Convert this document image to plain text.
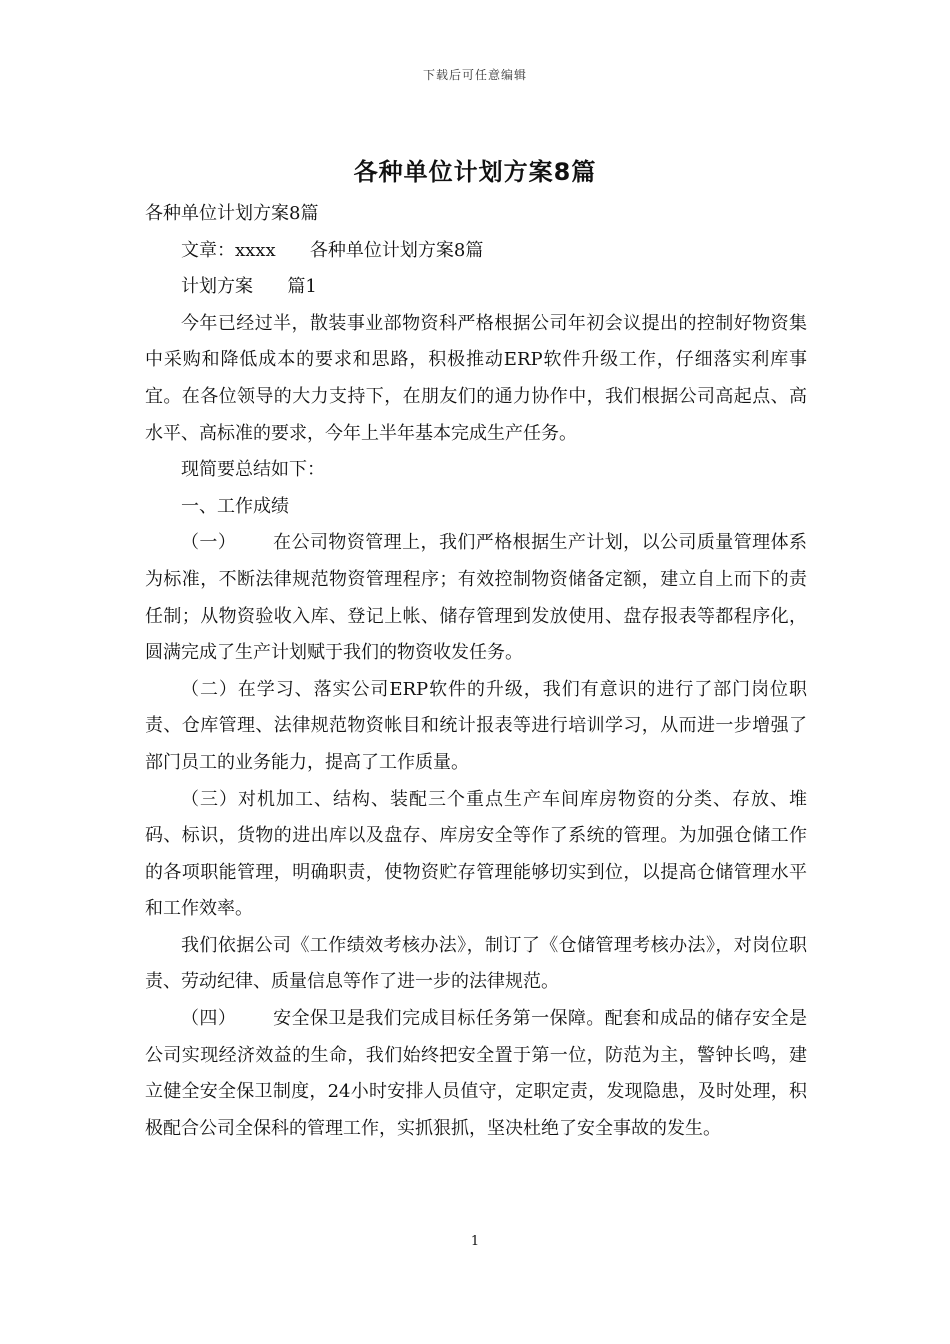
下载后可任意编辑
各种单位计划方案8篇

各种单位计划方案8篇

文章：xxxx      各种单位计划方案8篇

计划方案      篇1

今年已经过半，散装事业部物资科严格根据公司年初会议提出的控制好物资集中采购和降低成本的要求和思路，积极推动ERP软件升级工作，仔细落实利库事宜。在各位领导的大力支持下，在朋友们的通力协作中，我们根据公司高起点、高水平、高标准的要求，今年上半年基本完成生产任务。

现简要总结如下：

一、工作成绩

（一）      在公司物资管理上，我们严格根据生产计划，以公司质量管理体系为标准，不断法律规范物资管理程序；有效控制物资储备定额，建立自上而下的责任制；从物资验收入库、登记上帐、储存管理到发放使用、盘存报表等都程序化，圆满完成了生产计划赋于我们的物资收发任务。

（二）在学习、落实公司ERP软件的升级，我们有意识的进行了部门岗位职责、仓库管理、法律规范物资帐目和统计报表等进行培训学习，从而进一步增强了部门员工的业务能力，提高了工作质量。

（三）对机加工、结构、装配三个重点生产车间库房物资的分类、存放、堆码、标识，货物的进出库以及盘存、库房安全等作了系统的管理。为加强仓储工作的各项职能管理，明确职责，使物资贮存管理能够切实到位，以提高仓储管理水平和工作效率。

我们依据公司《工作绩效考核办法》，制订了《仓储管理考核办法》，对岗位职责、劳动纪律、质量信息等作了进一步的法律规范。

（四）      安全保卫是我们完成目标任务第一保障。配套和成品的储存安全是公司实现经济效益的生命，我们始终把安全置于第一位，防范为主，警钟长鸣，建立健全安全保卫制度，24小时安排人员值守，定职定责，发现隐患，及时处理，积极配合公司全保科的管理工作，实抓狠抓，坚决杜绝了安全事故的发生。

1
